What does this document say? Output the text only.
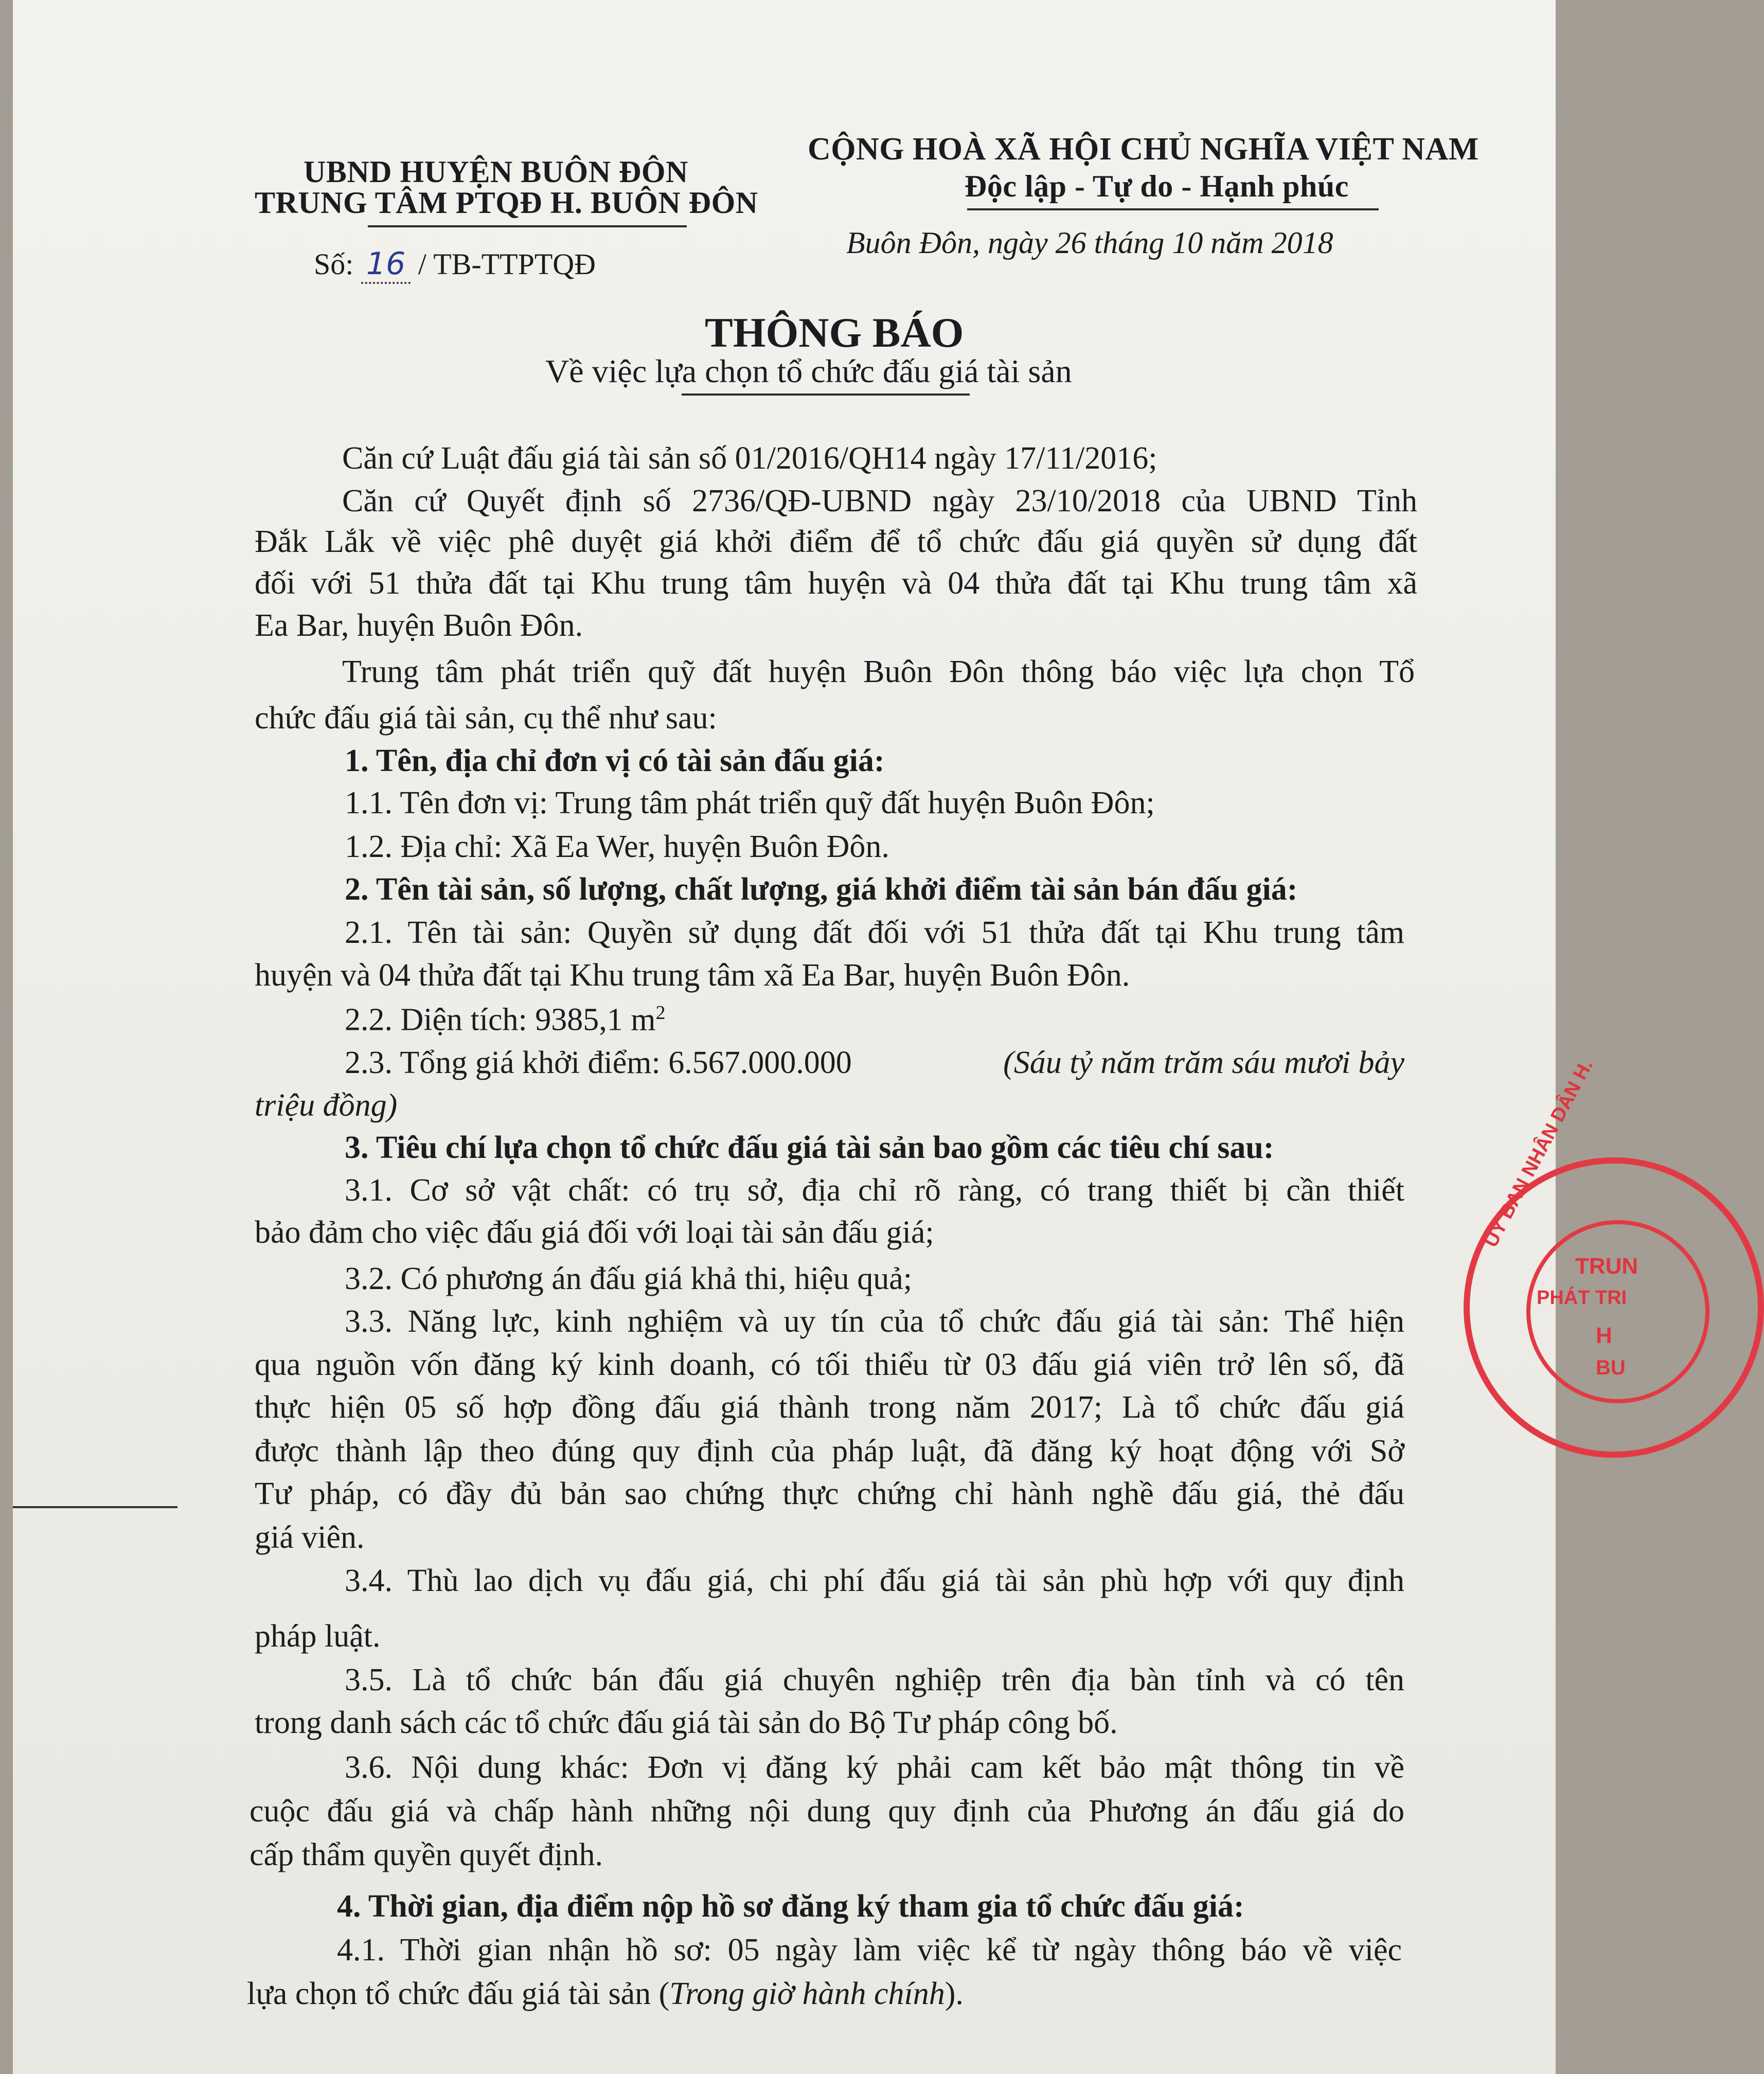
UBND HUYỆN BUÔN ĐÔN
TRUNG TÂM PTQĐ H. BUÔN ĐÔN
Số: 16 / TB-TTPTQĐ
CỘNG HOÀ XÃ HỘI CHỦ NGHĨA VIỆT NAM
Độc lập - Tự do - Hạnh phúc
Buôn Đôn, ngày 26 tháng 10 năm 2018
THÔNG BÁO
Về việc lựa chọn tổ chức đấu giá tài sản
Căn cứ Luật đấu giá tài sản số 01/2016/QH14 ngày 17/11/2016;
Căn cứ Quyết định số 2736/QĐ-UBND ngày 23/10/2018 của UBND Tỉnh
Đắk Lắk về việc phê duyệt giá khởi điểm để tổ chức đấu giá quyền sử dụng đất
đối với 51 thửa đất tại Khu trung tâm huyện và 04 thửa đất tại Khu trung tâm xã
Ea Bar, huyện Buôn Đôn.
Trung tâm phát triển quỹ đất huyện Buôn Đôn thông báo việc lựa chọn Tổ
chức đấu giá tài sản, cụ thể như sau:
1. Tên, địa chỉ đơn vị có tài sản đấu giá:
1.1. Tên đơn vị: Trung tâm phát triển quỹ đất huyện Buôn Đôn;
1.2. Địa chỉ: Xã Ea Wer, huyện Buôn Đôn.
2. Tên tài sản, số lượng, chất lượng, giá khởi điểm tài sản bán đấu giá:
2.1. Tên tài sản: Quyền sử dụng đất đối với 51 thửa đất tại Khu trung tâm
huyện và 04 thửa đất tại Khu trung tâm xã Ea Bar, huyện Buôn Đôn.
2.2. Diện tích: 9385,1 $m^2$
2.3. Tổng giá khởi điểm: 6.567.000.000	(Sáu tỷ năm trăm sáu mươi bảy
triệu đồng)
3. Tiêu chí lựa chọn tổ chức đấu giá tài sản bao gồm các tiêu chí sau:
3.1. Cơ sở vật chất: có trụ sở, địa chỉ rõ ràng, có trang thiết bị cần thiết
bảo đảm cho việc đấu giá đối với loại tài sản đấu giá;
3.2. Có phương án đấu giá khả thi, hiệu quả;
3.3. Năng lực, kinh nghiệm và uy tín của tổ chức đấu giá tài sản: Thể hiện
qua nguồn vốn đăng ký kinh doanh, có tối thiểu từ 03 đấu giá viên trở lên số, đã
thực hiện 05 số hợp đồng đấu giá thành trong năm 2017; Là tổ chức đấu giá
được thành lập theo đúng quy định của pháp luật, đã đăng ký hoạt động với Sở
Tư pháp, có đầy đủ bản sao chứng thực chứng chỉ hành nghề đấu giá, thẻ đấu
giá viên.
3.4. Thù lao dịch vụ đấu giá, chi phí đấu giá tài sản phù hợp với quy định
pháp luật.
3.5. Là tổ chức bán đấu giá chuyên nghiệp trên địa bàn tỉnh và có tên
trong danh sách các tổ chức đấu giá tài sản do Bộ Tư pháp công bố.
3.6. Nội dung khác: Đơn vị đăng ký phải cam kết bảo mật thông tin về
cuộc đấu giá và chấp hành những nội dung quy định của Phương án đấu giá do
cấp thẩm quyền quyết định.
4. Thời gian, địa điểm nộp hồ sơ đăng ký tham gia tổ chức đấu giá:
4.1. Thời gian nhận hồ sơ: 05 ngày làm việc kể từ ngày thông báo về việc
lựa chọn tổ chức đấu giá tài sản (Trong giờ hành chính).
ỦY BAN NHÂN DÂN H.
TRUN
PHÁT TRI
H
BU
